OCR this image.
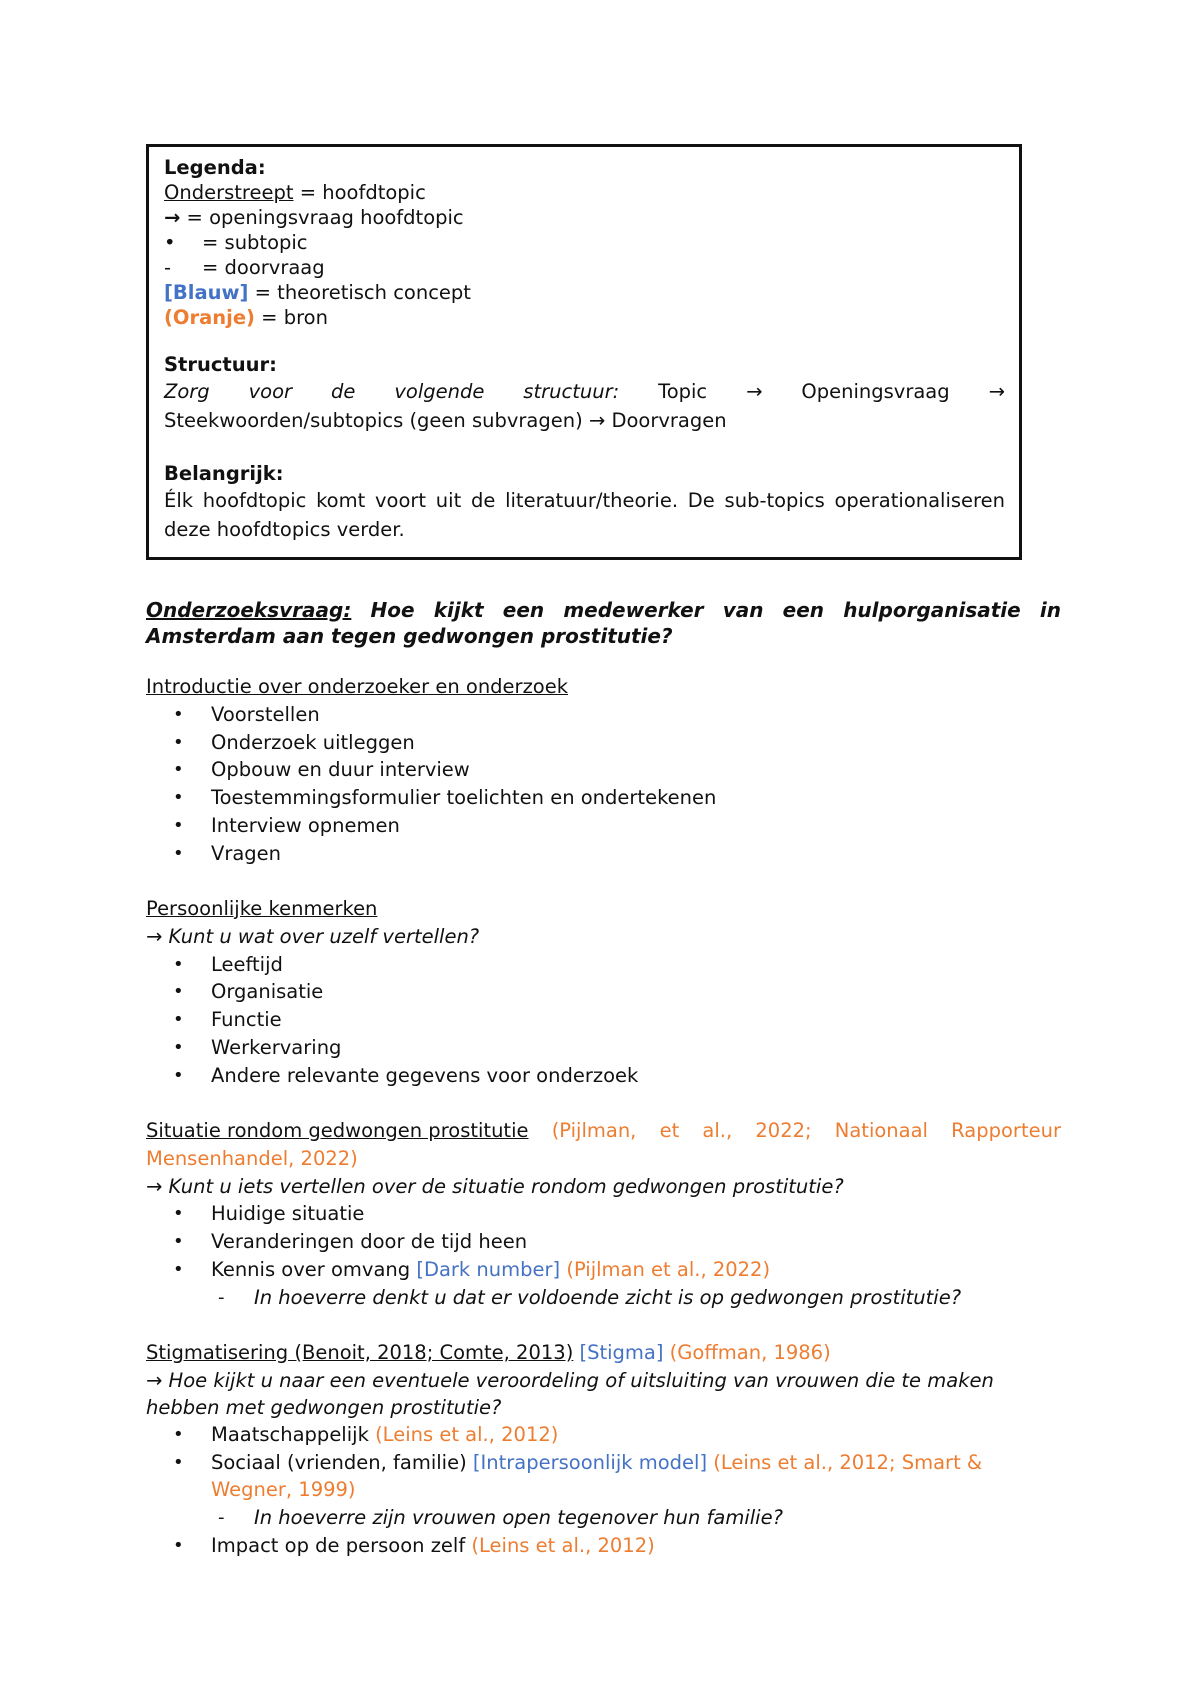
Legenda:
Onderstreept = hoofdtopic
→ = openingsvraag hoofdtopic
•	= subtopic
-	= doorvraag
[Blauw] = theoretisch concept
(Oranje) = bron
Structuur:
Zorg voor de volgende structuur: Topic → Openingsvraag →
Steekwoorden/subtopics (geen subvragen) → Doorvragen
Belangrijk:
Élk hoofdtopic komt voort uit de literatuur/theorie. De sub-topics operationaliseren deze hoofdtopics verder.
Onderzoeksvraag: Hoe kijkt een medewerker van een hulporganisatie in Amsterdam aan tegen gedwongen prostitutie?
Introductie over onderzoeker en onderzoek
• Voorstellen
• Onderzoek uitleggen
• Opbouw en duur interview
• Toestemmingsformulier toelichten en ondertekenen
• Interview opnemen
• Vragen
Persoonlijke kenmerken
→ Kunt u wat over uzelf vertellen?
• Leeftijd
• Organisatie
• Functie
• Werkervaring
• Andere relevante gegevens voor onderzoek
Situatie rondom gedwongen prostitutie (Pijlman, et al., 2022; Nationaal Rapporteur
Mensenhandel, 2022)
→ Kunt u iets vertellen over de situatie rondom gedwongen prostitutie?
• Huidige situatie
• Veranderingen door de tijd heen
• Kennis over omvang [Dark number] (Pijlman et al., 2022)
- In hoeverre denkt u dat er voldoende zicht is op gedwongen prostitutie?
Stigmatisering (Benoit, 2018; Comte, 2013) [Stigma] (Goffman, 1986)
→ Hoe kijkt u naar een eventuele veroordeling of uitsluiting van vrouwen die te maken hebben met gedwongen prostitutie?
• Maatschappelijk (Leins et al., 2012)
• Sociaal (vrienden, familie) [Intrapersoonlijk model] (Leins et al., 2012; Smart & Wegner, 1999)
- In hoeverre zijn vrouwen open tegenover hun familie?
• Impact op de persoon zelf (Leins et al., 2012)
